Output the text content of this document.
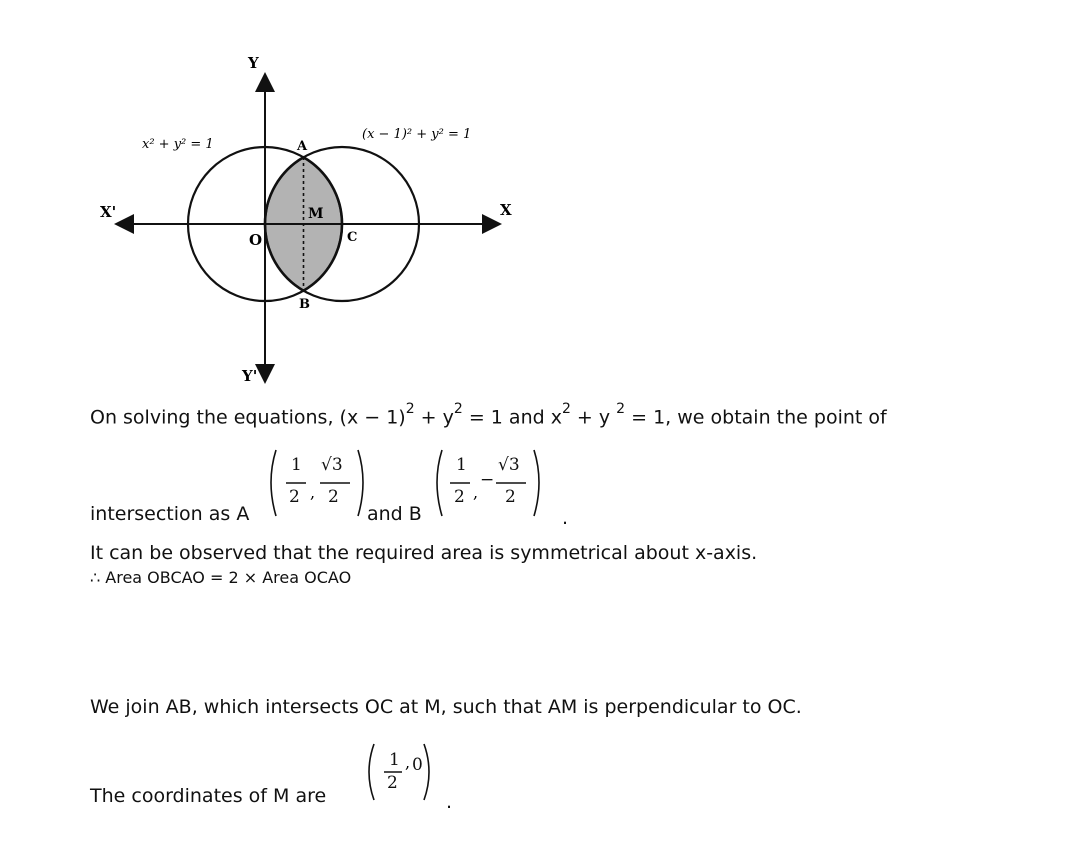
Y
Y'
X
X'
O
A
B
C
M
x² + y² = 1
(x − 1)² + y² = 1
On solving the equations, $(x - 1)^2 + y^2 = 1$ and $x^2 + y$ $^2$ = 1, we obtain the point of
intersection as A	and B	.
,
1
2
√3
2	,
−
1
2
√3
2
It can be observed that the required area is symmetrical about x-axis.
∴ Area OBCAO = 2 × Area OCAO
We join AB, which intersects OC at M, such that AM is perpendicular to OC.
The coordinates of M are
,
1
2
0
.
